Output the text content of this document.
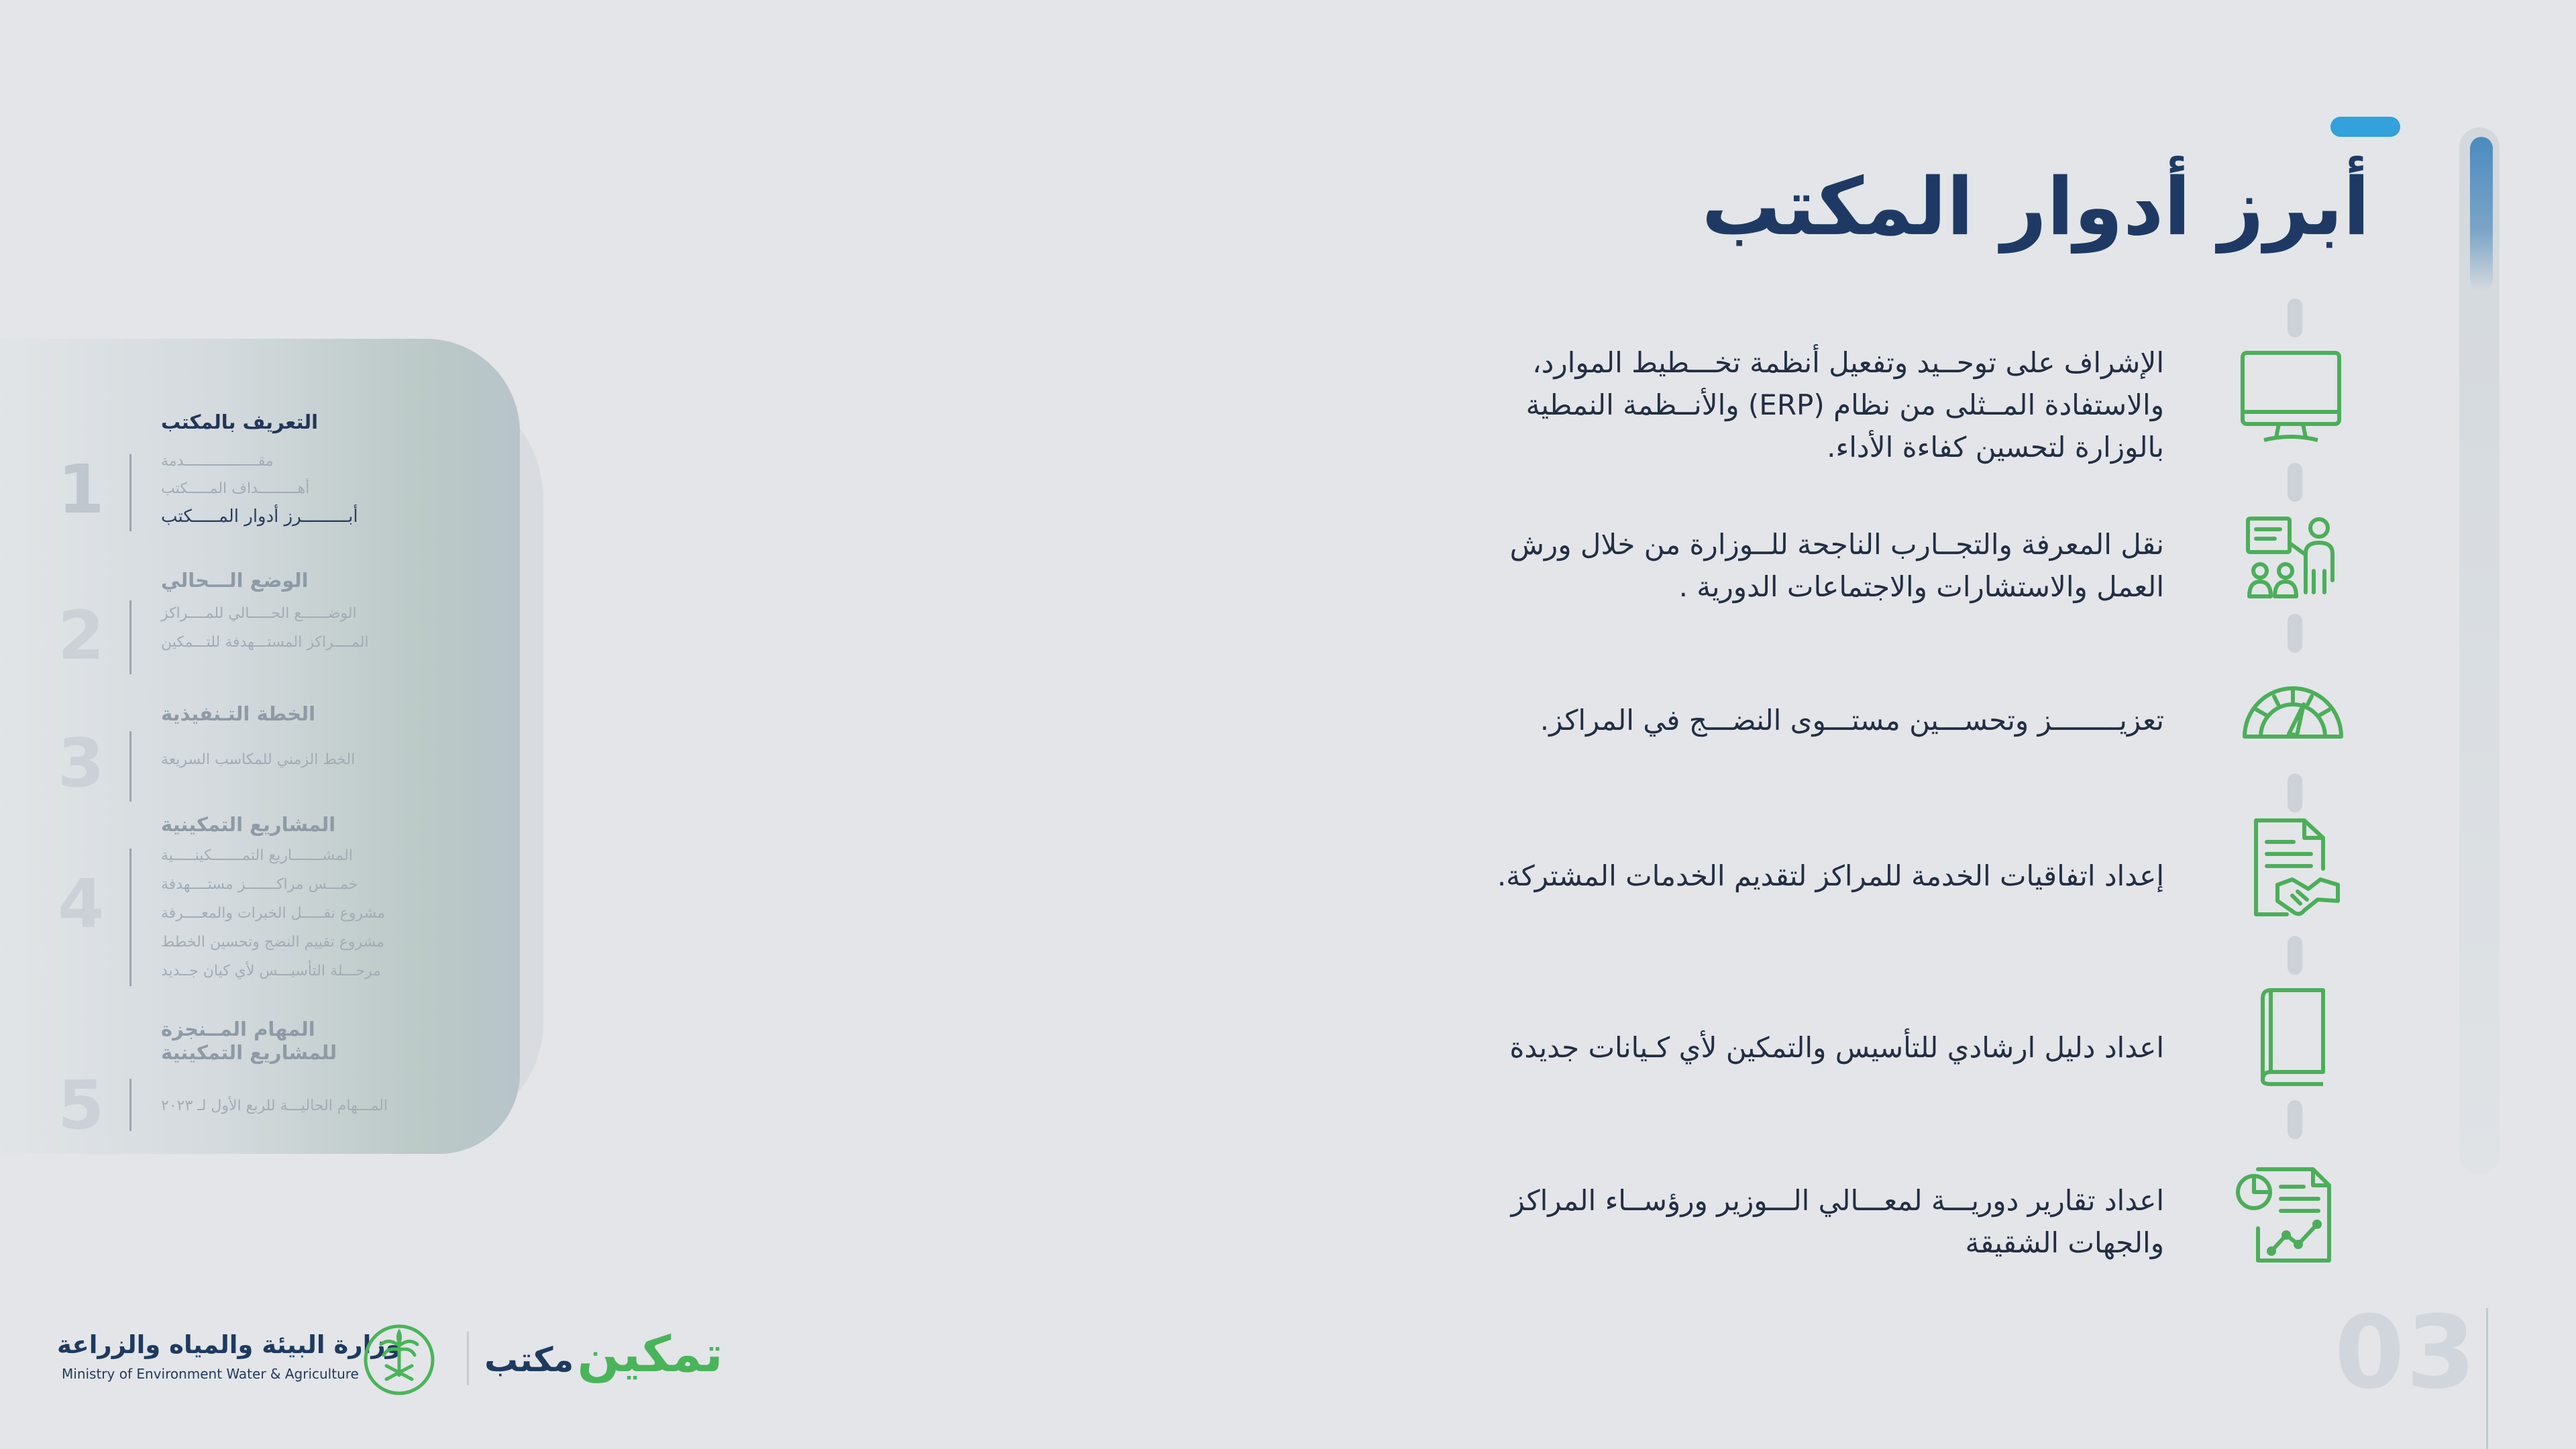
أبرز أدوار المكتب
الإشراف على توحــيد وتفعيل أنظمة تخـــطيط الموارد،
والاستفادة المــثلى من نظام (ERP) والأنــظمة النمطية
بالوزارة لتحسين كفاءة الأداء.
نقل المعرفة والتجــارب الناجحة للــوزارة من خلال ورش
العمل والاستشارات والاجتماعات الدورية .
تعزيــــــــز وتحســـين مستـــوى النضـــج في المراكز.
إعداد اتفاقيات الخدمة للمراكز لتقديم الخدمات المشتركة.
اعداد دليل ارشادي للتأسيس والتمكين لأي كـيانات جديدة
اعداد تقارير دوريـــة لمعـــالي الـــوزير ورؤســاء المراكز
والجهات الشقيقة
1
التعريف بالمكتب
مقـــــــــــــــــدمة
أهـــــــــداف المـــــكتب
أبـــــــــرز أدوار المـــــكتب
2
الوضع الـــحالي
الوضــــــع الحـــــالي للمــــراكز
المــــراكز المستـــهدفة للتـــمكين
3
الخطة التـنفيذية
الخط الزمني للمكاسب السريعة
4
المشاريع التمكينية
المشـــــــاريع التمـــــــكينـــــية
خمـــس مراكـــــــز مستــــهدفة
مشروع نقـــــل الخبرات والمعــــرفة
مشروع تقييم النضج وتحسين الخطط
مرحـــلة التأسيـــس لأي كيان جــديد
5
المهام المــنجزة
للمشاريع التمكينية
المـــهام الحاليـــة للربع الأول لـ ٢٠٢٣
وزارة البيئة والمياه والزراعة
Ministry of Environment Water & Agriculture	تمكين مكتب	03
